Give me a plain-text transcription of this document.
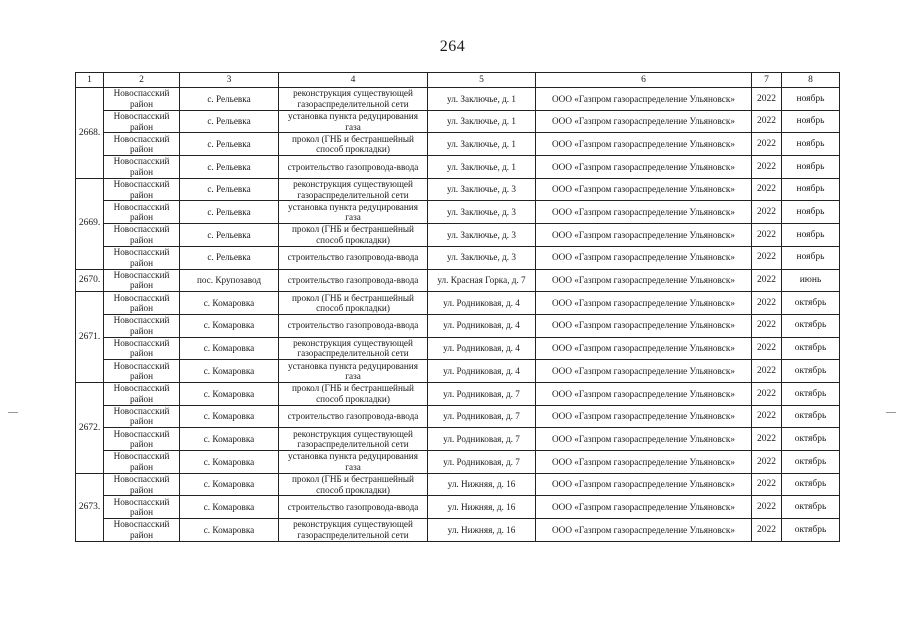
264
1	2	3	4	5	6	7	8
2668.	Новоспасский район	с. Рельевка	реконструкция существующей газораспределительной сети	ул. Заключье, д. 1	ООО «Газпром газораспределение Ульяновск»	2022	ноябрь
	Новоспасский район	с. Рельевка	установка пункта редуцирования газа	ул. Заключье, д. 1	ООО «Газпром газораспределение Ульяновск»	2022	ноябрь
	Новоспасский район	с. Рельевка	прокол (ГНБ и бестраншейный способ прокладки)	ул. Заключье, д. 1	ООО «Газпром газораспределение Ульяновск»	2022	ноябрь
	Новоспасский район	с. Рельевка	строительство газопровода-ввода	ул. Заключье, д. 1	ООО «Газпром газораспределение Ульяновск»	2022	ноябрь
2669.	Новоспасский район	с. Рельевка	реконструкция существующей газораспределительной сети	ул. Заключье, д. 3	ООО «Газпром газораспределение Ульяновск»	2022	ноябрь
	Новоспасский район	с. Рельевка	установка пункта редуцирования газа	ул. Заключье, д. 3	ООО «Газпром газораспределение Ульяновск»	2022	ноябрь
	Новоспасский район	с. Рельевка	прокол (ГНБ и бестраншейный способ прокладки)	ул. Заключье, д. 3	ООО «Газпром газораспределение Ульяновск»	2022	ноябрь
	Новоспасский район	с. Рельевка	строительство газопровода-ввода	ул. Заключье, д. 3	ООО «Газпром газораспределение Ульяновск»	2022	ноябрь
2670.	Новоспасский район	пос. Крупозавод	строительство газопровода-ввода	ул. Красная Горка, д. 7	ООО «Газпром газораспределение Ульяновск»	2022	июнь
2671.	Новоспасский район	с. Комаровка	прокол (ГНБ и бестраншейный способ прокладки)	ул. Родниковая, д. 4	ООО «Газпром газораспределение Ульяновск»	2022	октябрь
	Новоспасский район	с. Комаровка	строительство газопровода-ввода	ул. Родниковая, д. 4	ООО «Газпром газораспределение Ульяновск»	2022	октябрь
	Новоспасский район	с. Комаровка	реконструкция существующей газораспределительной сети	ул. Родниковая, д. 4	ООО «Газпром газораспределение Ульяновск»	2022	октябрь
	Новоспасский район	с. Комаровка	установка пункта редуцирования газа	ул. Родниковая, д. 4	ООО «Газпром газораспределение Ульяновск»	2022	октябрь
2672.	Новоспасский район	с. Комаровка	прокол (ГНБ и бестраншейный способ прокладки)	ул. Родниковая, д. 7	ООО «Газпром газораспределение Ульяновск»	2022	октябрь
	Новоспасский район	с. Комаровка	строительство газопровода-ввода	ул. Родниковая, д. 7	ООО «Газпром газораспределение Ульяновск»	2022	октябрь
	Новоспасский район	с. Комаровка	реконструкция существующей газораспределительной сети	ул. Родниковая, д. 7	ООО «Газпром газораспределение Ульяновск»	2022	октябрь
	Новоспасский район	с. Комаровка	установка пункта редуцирования газа	ул. Родниковая, д. 7	ООО «Газпром газораспределение Ульяновск»	2022	октябрь
2673.	Новоспасский район	с. Комаровка	прокол (ГНБ и бестраншейный способ прокладки)	ул. Нижняя, д. 16	ООО «Газпром газораспределение Ульяновск»	2022	октябрь
	Новоспасский район	с. Комаровка	строительство газопровода-ввода	ул. Нижняя, д. 16	ООО «Газпром газораспределение Ульяновск»	2022	октябрь
	Новоспасский район	с. Комаровка	реконструкция существующей газораспределительной сети	ул. Нижняя, д. 16	ООО «Газпром газораспределение Ульяновск»	2022	октябрь
